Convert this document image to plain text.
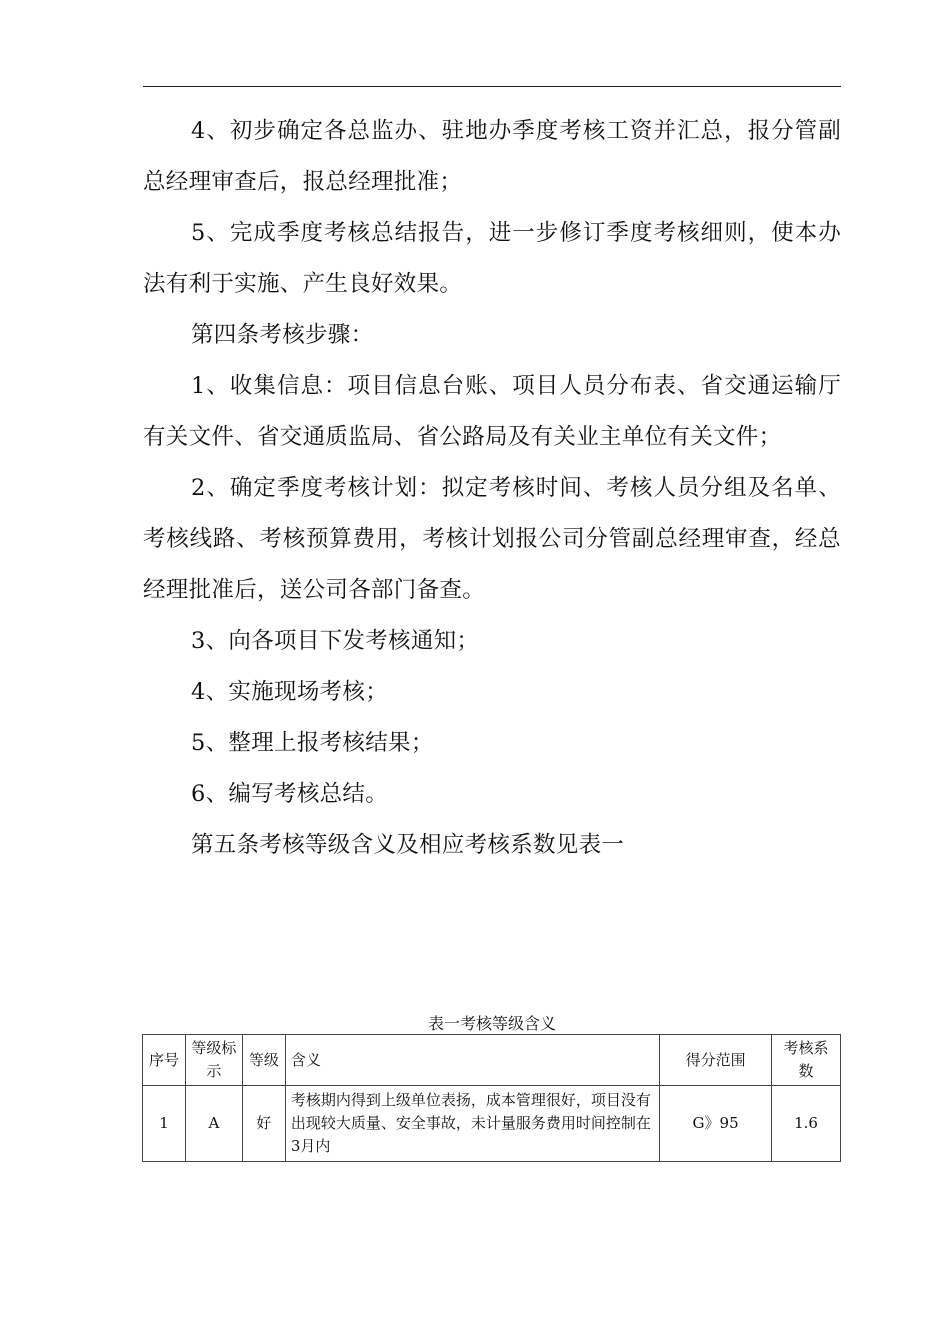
4、初步确定各总监办、驻地办季度考核工资并汇总，报分管副总经理审查后，报总经理批准；

5、完成季度考核总结报告，进一步修订季度考核细则，使本办法有利于实施、产生良好效果。

第四条考核步骤：

1、收集信息：项目信息台账、项目人员分布表、省交通运输厅有关文件、省交通质监局、省公路局及有关业主单位有关文件；

2、确定季度考核计划：拟定考核时间、考核人员分组及名单、考核线路、考核预算费用，考核计划报公司分管副总经理审查，经总经理批准后，送公司各部门备查。

3、向各项目下发考核通知；

4、实施现场考核；

5、整理上报考核结果；

6、编写考核总结。

第五条考核等级含义及相应考核系数见表一

表一考核等级含义
序号	等级标示	等级	含义	得分范围	考核系数
1	A	好	考核期内得到上级单位表扬，成本管理很好，项目没有出现较大质量、安全事故，未计量服务费用时间控制在3月内	G》95	1.6
